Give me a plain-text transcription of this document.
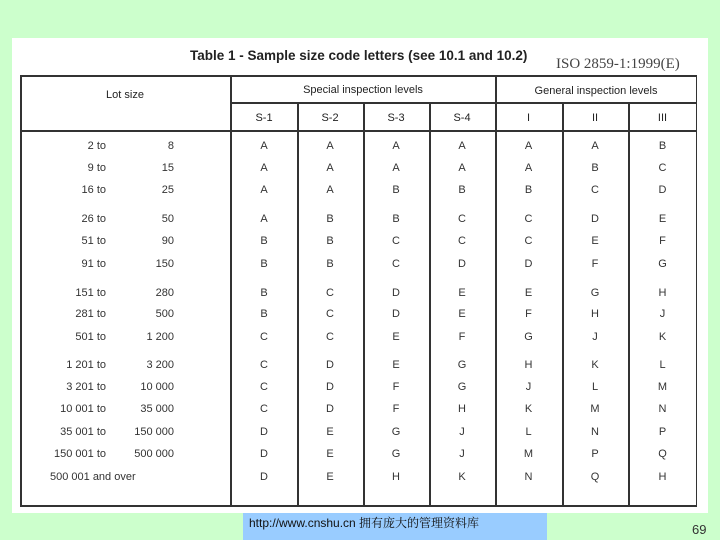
Table 1 - Sample size code letters (see 10.1 and 10.2)
ISO 2859-1:1999(E)
Lot size	Special inspection levels	General inspection levels
S-1	S-2	S-3	S-4	I	II	III
2 to	8	A	A	A	A	A	A	B
9 to	15	A	A	A	A	A	B	C
16 to	25	A	A	B	B	B	C	D
26 to	50	A	B	B	C	C	D	E
51 to	90	B	B	C	C	C	E	F
91 to	150	B	B	C	D	D	F	G
151 to	280	B	C	D	E	E	G	H
281 to	500	B	C	D	E	F	H	J
501 to	1 200	C	C	E	F	G	J	K
1 201 to	3 200	C	D	E	G	H	K	L
3 201 to	10 000	C	D	F	G	J	L	M
10 001 to	35 000	C	D	F	H	K	M	N
35 001 to	150 000	D	E	G	J	L	N	P
150 001 to	500 000	D	E	G	J	M	P	Q
500 001 and over	D	E	H	K	N	Q	H
http://www.cnshu.cn 拥有庞大的管理资料库	69
